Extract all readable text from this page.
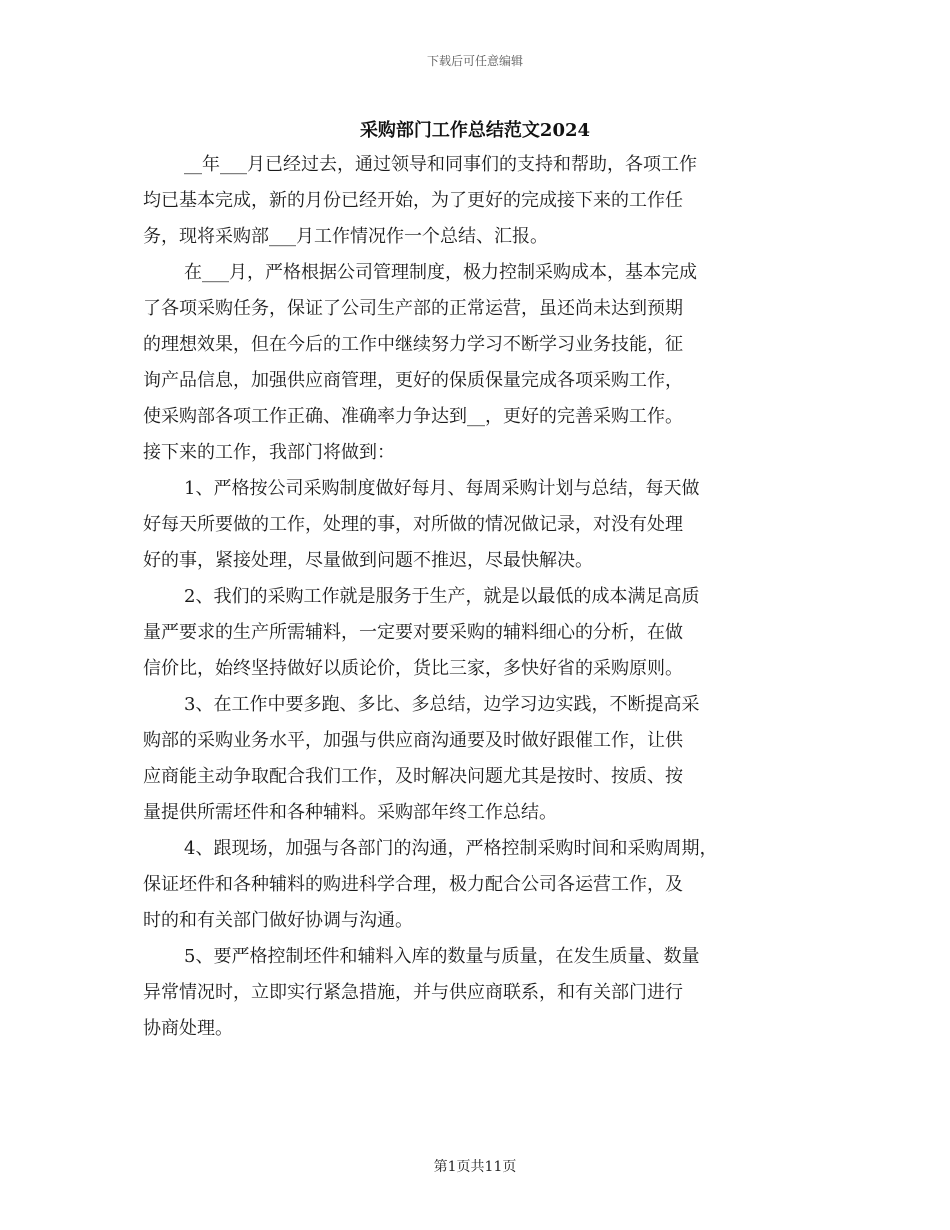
下载后可任意编辑
采购部门工作总结范文2024
__年___月已经过去，通过领导和同事们的支持和帮助，各项工作
均已基本完成，新的月份已经开始，为了更好的完成接下来的工作任
务，现将采购部___月工作情况作一个总结、汇报。
在___月，严格根据公司管理制度，极力控制采购成本，基本完成
了各项采购任务，保证了公司生产部的正常运营，虽还尚未达到预期
的理想效果，但在今后的工作中继续努力学习不断学习业务技能，征
询产品信息，加强供应商管理，更好的保质保量完成各项采购工作，
使采购部各项工作正确、准确率力争达到__，更好的完善采购工作。
接下来的工作，我部门将做到：
1、严格按公司采购制度做好每月、每周采购计划与总结，每天做
好每天所要做的工作，处理的事，对所做的情况做记录，对没有处理
好的事，紧接处理，尽量做到问题不推迟，尽最快解决。
2、我们的采购工作就是服务于生产，就是以最低的成本满足高质
量严要求的生产所需辅料，一定要对要采购的辅料细心的分析，在做
信价比，始终坚持做好以质论价，货比三家，多快好省的采购原则。
3、在工作中要多跑、多比、多总结，边学习边实践，不断提高采
购部的采购业务水平，加强与供应商沟通要及时做好跟催工作，让供
应商能主动争取配合我们工作，及时解决问题尤其是按时、按质、按
量提供所需坯件和各种辅料。采购部年终工作总结。
4、跟现场，加强与各部门的沟通，严格控制采购时间和采购周期，
保证坯件和各种辅料的购进科学合理，极力配合公司各运营工作，及
时的和有关部门做好协调与沟通。
5、要严格控制坯件和辅料入库的数量与质量，在发生质量、数量
异常情况时，立即实行紧急措施，并与供应商联系，和有关部门进行
协商处理。
第1页共11页
